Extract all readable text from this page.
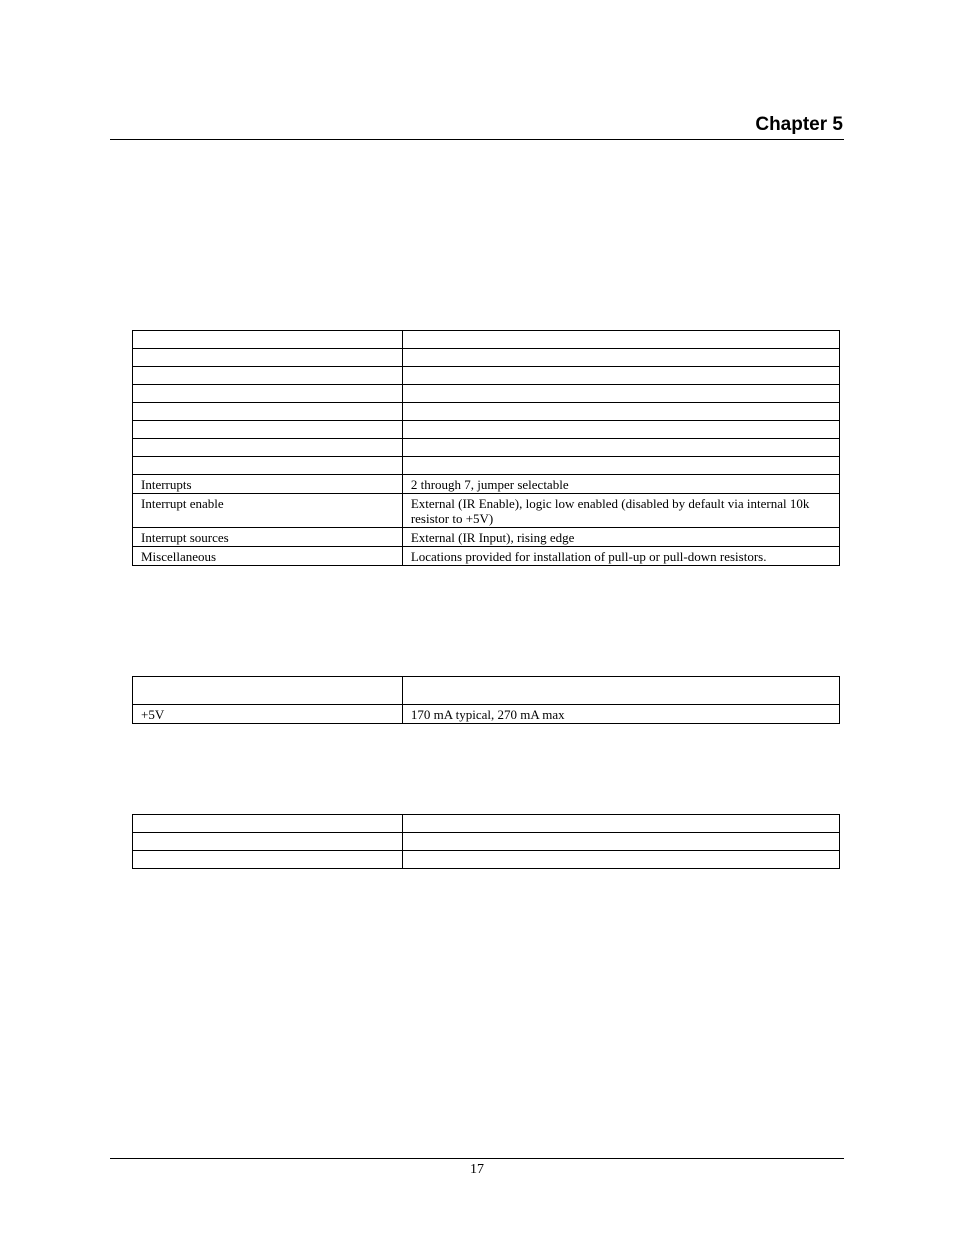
Chapter 5

Interrupts	2 through 7, jumper selectable
Interrupt enable	External (IR Enable), logic low enabled (disabled by default via internal 10k resistor to +5V)
Interrupt sources	External (IR Input), rising edge
Miscellaneous	Locations provided for installation of pull-up or pull-down resistors.

+5V	170 mA typical, 270 mA max

17
